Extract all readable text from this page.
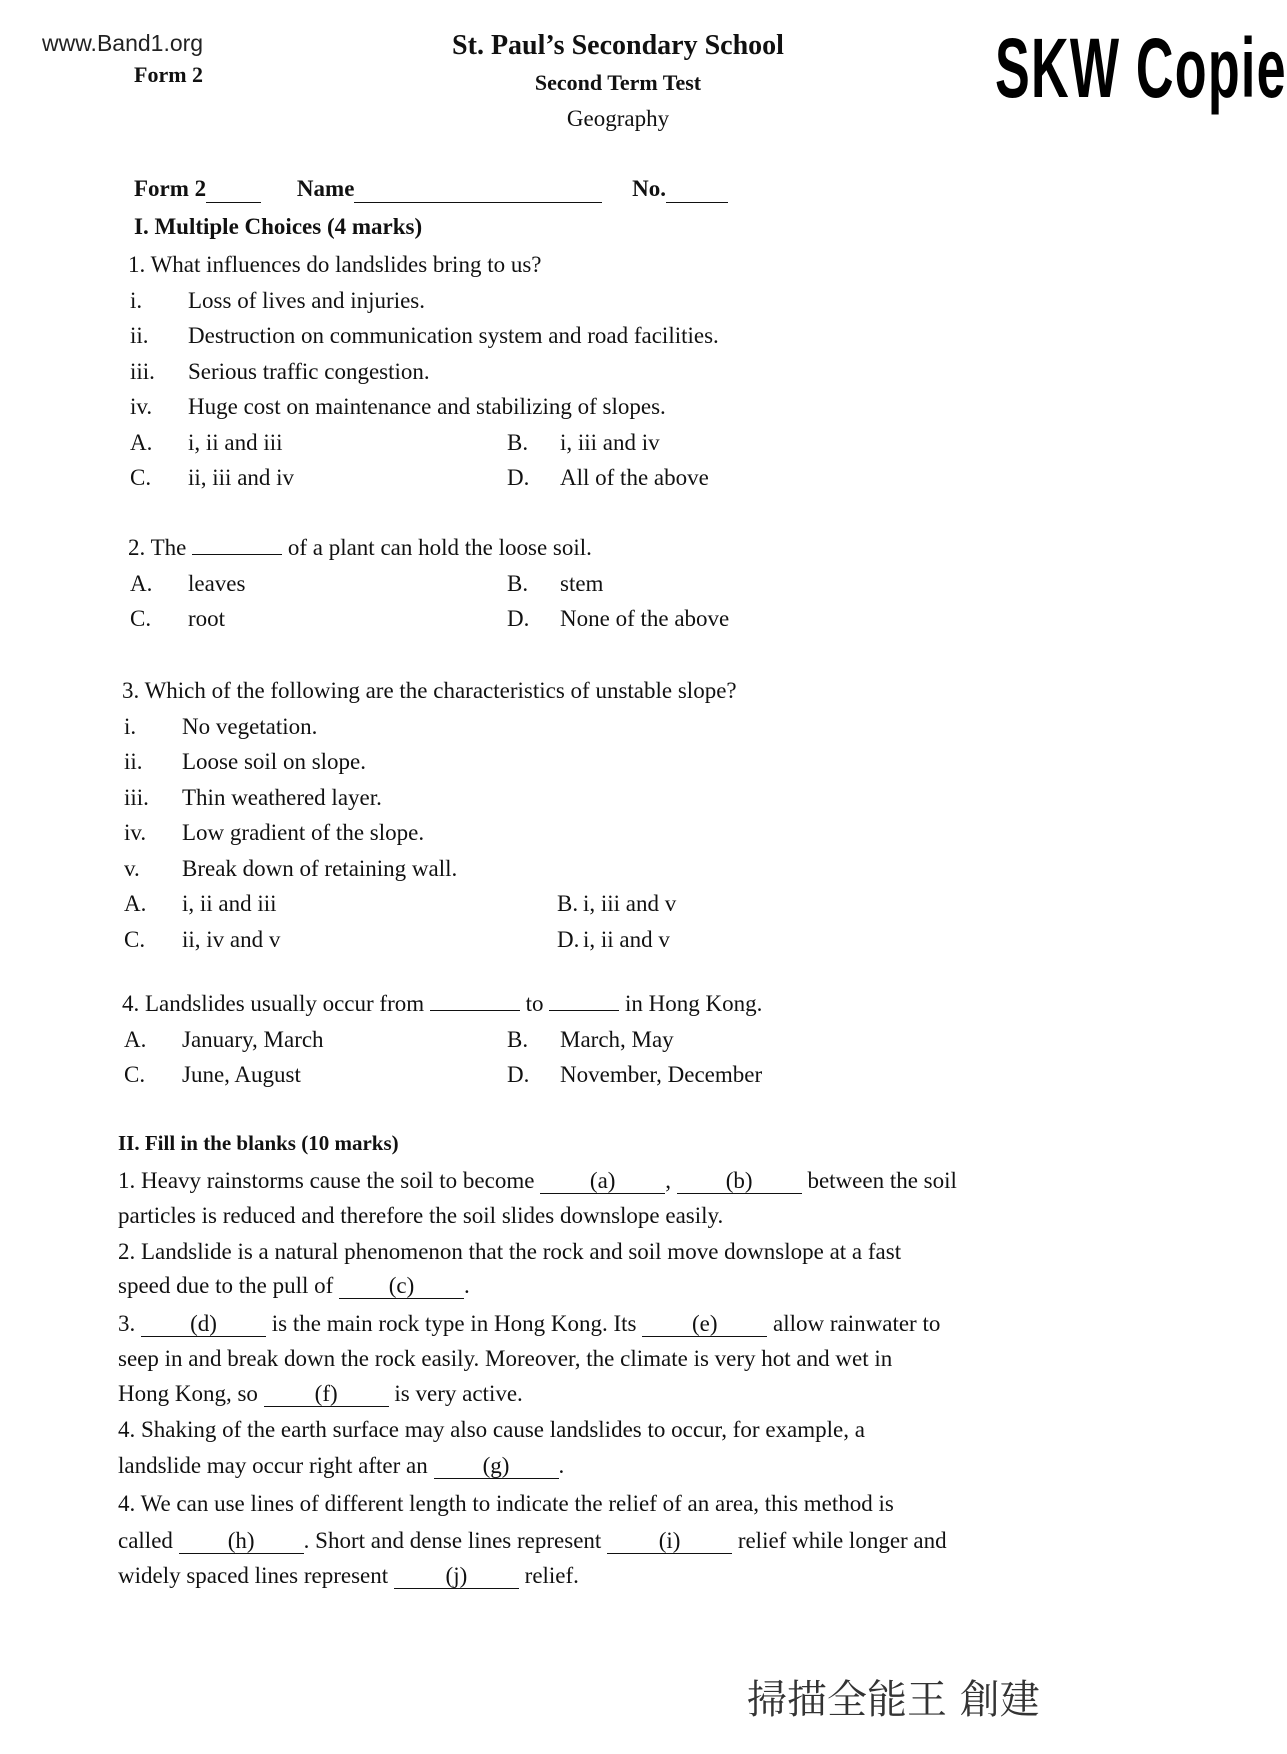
www.Band1.org
Form 2
St. Paul’s Secondary School
Second Term Test
Geography
SKW Copie
Form 2	Name	No.
I. Multiple Choices (4 marks)
1. What influences do landslides bring to us?
i. Loss of lives and injuries.
ii. Destruction on communication system and road facilities.
iii. Serious traffic congestion.
iv. Huge cost on maintenance and stabilizing of slopes.
A. i, ii and iii	B. i, iii and iv
C. ii, iii and iv	D. All of the above
2. The	of a plant can hold the loose soil.
A. leaves	B. stem
C. root	D. None of the above
3. Which of the following are the characteristics of unstable slope?
i. No vegetation.
ii. Loose soil on slope.
iii. Thin weathered layer.
iv. Low gradient of the slope.
v. Break down of retaining wall.
A. i, ii and iii	B. i, iii and v
C. ii, iv and v	D. i, ii and v
4. Landslides usually occur from	to	in Hong Kong.
A. January, March	B. March, May
C. June, August	D. November, December
II. Fill in the blanks (10 marks)
1. Heavy rainstorms cause the soil to become (a) , (b) between the soil
particles is reduced and therefore the soil slides downslope easily.
2. Landslide is a natural phenomenon that the rock and soil move downslope at a fast
speed due to the pull of (c) .
3. (d) is the main rock type in Hong Kong. Its (e) allow rainwater to
seep in and break down the rock easily. Moreover, the climate is very hot and wet in
Hong Kong, so (f) is very active.
4. Shaking of the earth surface may also cause landslides to occur, for example, a
landslide may occur right after an (g) .
4. We can use lines of different length to indicate the relief of an area, this method is
called (h) . Short and dense lines represent (i) relief while longer and
widely spaced lines represent (j) relief.
掃描全能王 創建
